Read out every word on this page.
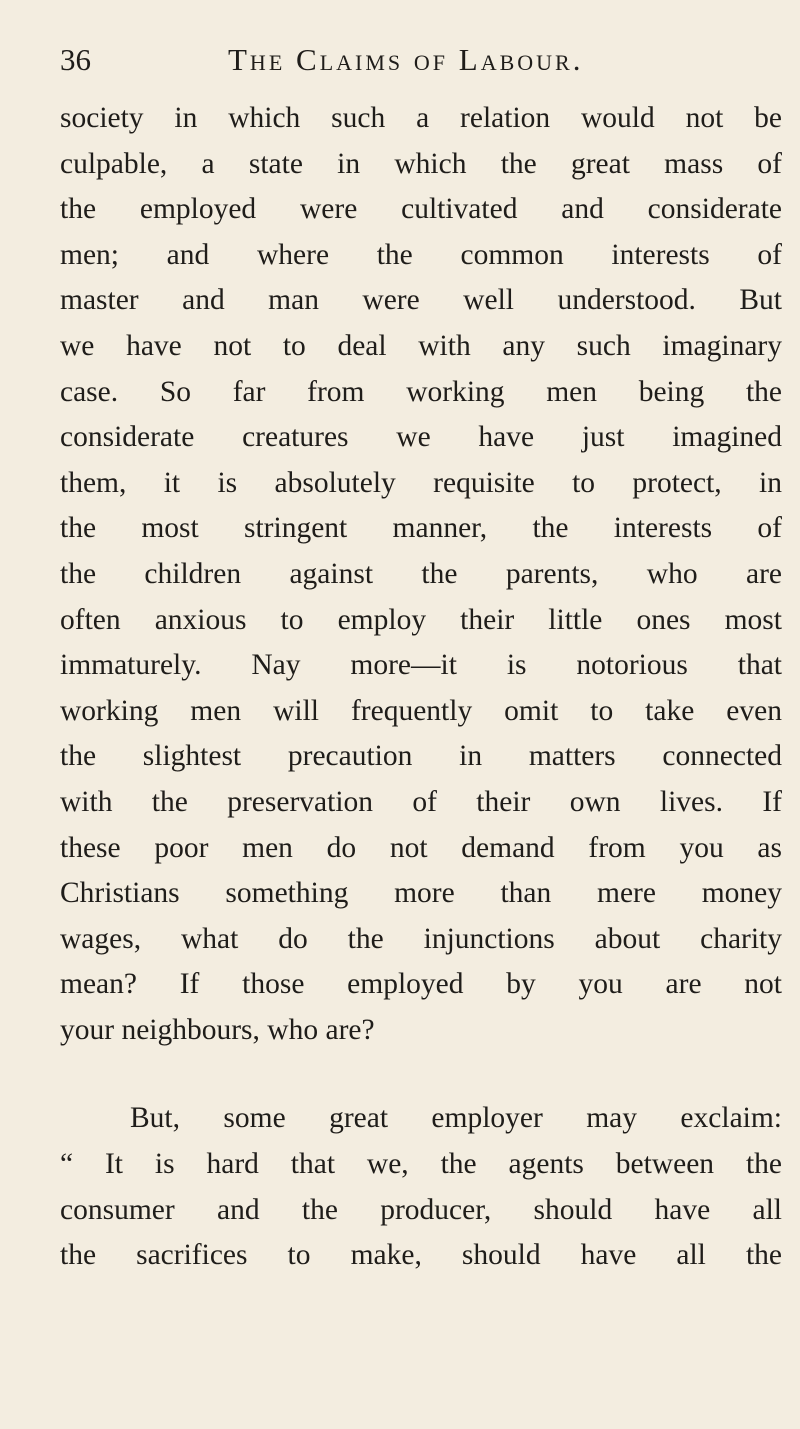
36	The Claims of Labour.
society in which such a relation would not be
culpable, a state in which the great mass of
the employed were cultivated and considerate
men; and where the common interests of
master and man were well understood. But
we have not to deal with any such imaginary
case. So far from working men being the
considerate creatures we have just imagined
them, it is absolutely requisite to protect, in
the most stringent manner, the interests of
the children against the parents, who are
often anxious to employ their little ones most
immaturely. Nay more—it is notorious that
working men will frequently omit to take even
the slightest precaution in matters connected
with the preservation of their own lives. If
these poor men do not demand from you as
Christians something more than mere money
wages, what do the injunctions about charity
mean? If those employed by you are not
your neighbours, who are?
But, some great employer may exclaim:
“ It is hard that we, the agents between the
consumer and the producer, should have all
the sacrifices to make, should have all the
